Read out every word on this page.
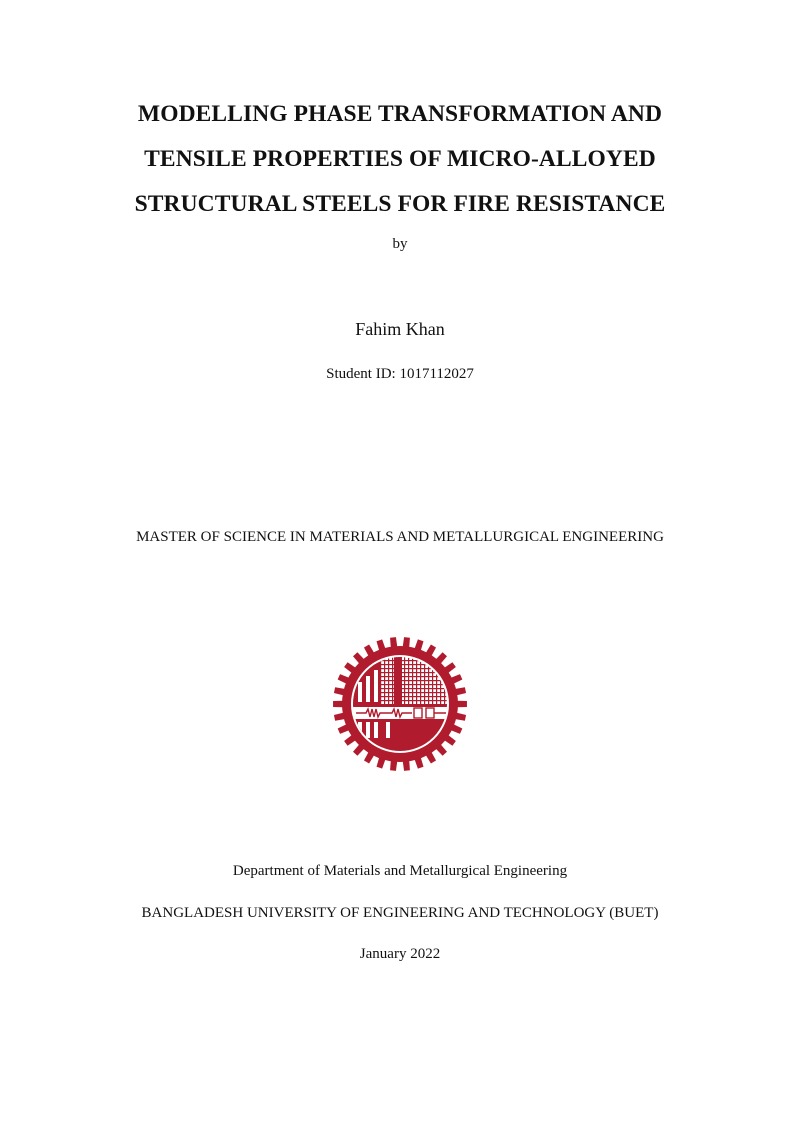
MODELLING PHASE TRANSFORMATION AND
TENSILE PROPERTIES OF MICRO-ALLOYED
STRUCTURAL STEELS FOR FIRE RESISTANCE
by
Fahim Khan
Student ID: 1017112027
MASTER OF SCIENCE IN MATERIALS AND METALLURGICAL ENGINEERING
Department of Materials and Metallurgical Engineering
BANGLADESH UNIVERSITY OF ENGINEERING AND TECHNOLOGY (BUET)
January 2022
